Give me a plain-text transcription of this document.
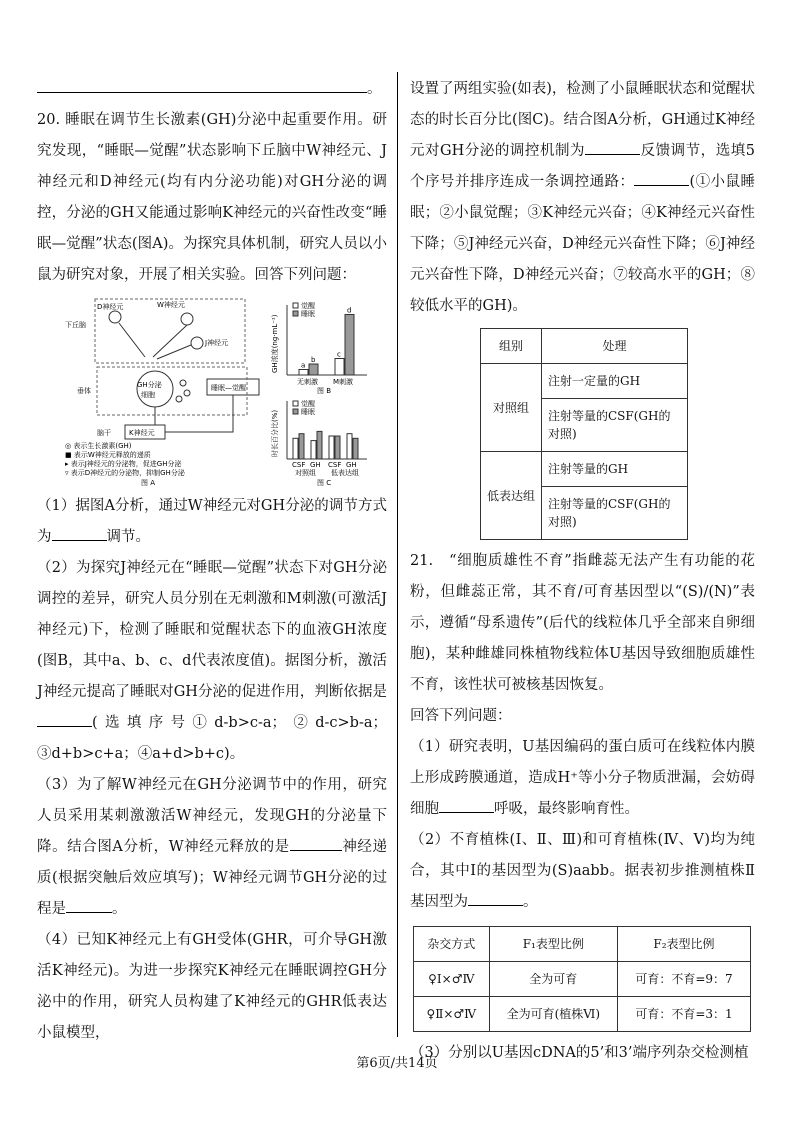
。

20. 睡眠在调节生长激素(GH)分泌中起重要作用。研究发现，“睡眠—觉醒”状态影响下丘脑中W神经元、J神经元和D神经元(均有内分泌功能)对GH分泌的调控，分泌的GH又能通过影响K神经元的兴奋性改变“睡眠—觉醒”状态(图A)。为探究具体机制，研究人员以小鼠为研究对象，开展了相关实验。回答下列问题：

下丘脑
D神经元	W神经元
J神经元
垂体
GH分泌
细胞
睡眠—觉醒
脑干	K神经元
◎ 表示生长激素(GH)
■ 表示W神经元释放的递质
▸ 表示J神经元的分泌物，促进GH分泌
▿ 表示D神经元的分泌物，抑制GH分泌
图 A
GH浓度(ng·mL⁻¹)	a
b
无刺激
c
d
M刺激
觉醒
睡眠
图 B
时长百分比(%)
CSF GH CSF GH
对照组 低表达组
觉醒
睡眠
图 C

（1）据图A分析，通过W神经元对GH分泌的调节方式为	调节。

（2）为探究J神经元在“睡眠—觉醒”状态下对GH分泌调控的差异，研究人员分别在无刺激和M刺激(可激活J神经元)下，检测了睡眠和觉醒状态下的血液GH浓度(图B，其中a、b、c、d代表浓度值)。据图分析，激活J神经元提高了睡眠对GH分泌的促进作用，判断依据是(选填序号①d-b>c-a；②d-c>b-a；③d+b>c+a；④a+d>b+c)。

（3）为了解W神经元在GH分泌调节中的作用，研究人员采用某刺激激活W神经元，发现GH的分泌量下降。结合图A分析，W神经元释放的是	神经递质(根据突触后效应填写)；W神经元调节GH分泌的过程是	。

（4）已知K神经元上有GH受体(GHR，可介导GH激活K神经元)。为进一步探究K神经元在睡眠调控GH分泌中的作用，研究人员构建了K神经元的GHR低表达小鼠模型，

设置了两组实验(如表)，检测了小鼠睡眠状态和觉醒状态的时长百分比(图C)。结合图A分析，GH通过K神经元对GH分泌的调控机制为	反馈调节，选填5个序号并排序连成一条调控通路：	(①小鼠睡眠；②小鼠觉醒；③K神经元兴奋；④K神经元兴奋性下降；⑤J神经元兴奋，D神经元兴奋性下降；⑥J神经元兴奋性下降，D神经元兴奋；⑦较高水平的GH；⑧较低水平的GH)。

组别	处理
对照组	注射一定量的GH
	注射等量的CSF(GH的对照)
低表达组	注射等量的GH
	注射等量的CSF(GH的对照)

21.　“细胞质雄性不育”指雌蕊无法产生有功能的花粉，但雌蕊正常，其不育/可育基因型以“(S)/(N)”表示，遵循“母系遗传”(后代的线粒体几乎全部来自卵细胞)，某种雌雄同株植物线粒体U基因导致细胞质雄性不育，该性状可被核基因恢复。

回答下列问题：

（1）研究表明，U基因编码的蛋白质可在线粒体内膜上形成跨膜通道，造成H⁺等小分子物质泄漏，会妨碍细胞	呼吸，最终影响育性。

（2）不育植株(Ⅰ、Ⅱ、Ⅲ)和可育植株(Ⅳ、Ⅴ)均为纯合，其中Ⅰ的基因型为(S)aabb。据表初步推测植株Ⅱ基因型为	。

杂交方式	F₁表型比例	F₂表型比例
♀Ⅰ×♂Ⅳ	全为可育	可育：不育=9：7
♀Ⅱ×♂Ⅳ	全为可育(植株Ⅵ)	可育：不育=3：1

（3）分别以U基因cDNA的5’和3’端序列杂交检测植

第6页/共14页
